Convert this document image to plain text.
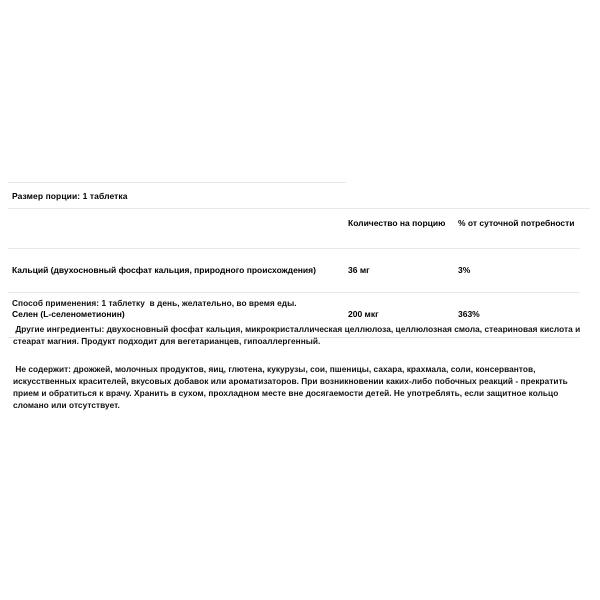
Размер порции: 1 таблетка
	Количество на порцию	% от суточной потребности

Кальций (двухосновный фосфат кальция, природного происхождения)	36 мг	3%

Селен (L-селенометионин)	200 мкг	363%

Способ применения: 1 таблетку  в день, желательно, во время еды.
Другие ингредиенты: двухосновный фосфат кальция, микрокристаллическая целлюлоза, целлюлозная смола, стеариновая кислота и стеарат магния. Продукт подходит для вегетарианцев, гипоаллергенный.
Не содержит: дрожжей, молочных продуктов, яиц, глютена, кукурузы, сои, пшеницы, сахара, крахмала, соли, консервантов, искусственных красителей, вкусовых добавок или ароматизаторов. При возникновении каких-либо побочных реакций - прекратить прием и обратиться к врачу. Хранить в сухом, прохладном месте вне досягаемости детей. Не употреблять, если защитное кольцо сломано или отсутствует.
